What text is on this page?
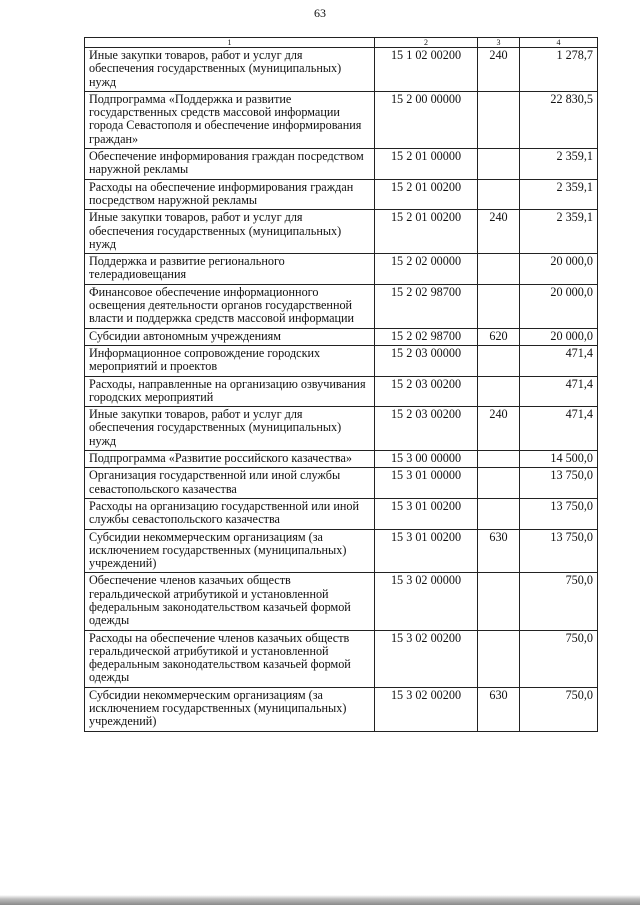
63
1	2	3	4
Иные закупки товаров, работ и услуг для обеспечения государственных (муниципальных) нужд	15 1 02 00200	240	1 278,7
Подпрограмма «Поддержка и развитие государственных средств массовой информации города Севастополя и обеспечение информирования граждан»	15 2 00 00000		22 830,5
Обеспечение информирования граждан посредством наружной рекламы	15 2 01 00000		2 359,1
Расходы на обеспечение информирования граждан посредством наружной рекламы	15 2 01 00200		2 359,1
Иные закупки товаров, работ и услуг для обеспечения государственных (муниципальных) нужд	15 2 01 00200	240	2 359,1
Поддержка и развитие регионального телерадиовещания	15 2 02 00000		20 000,0
Финансовое обеспечение информационного освещения деятельности органов государственной власти и поддержка средств массовой информации	15 2 02 98700		20 000,0
Субсидии автономным учреждениям	15 2 02 98700	620	20 000,0
Информационное сопровождение городских мероприятий и проектов	15 2 03 00000		471,4
Расходы, направленные на организацию озвучивания городских мероприятий	15 2 03 00200		471,4
Иные закупки товаров, работ и услуг для обеспечения государственных (муниципальных) нужд	15 2 03 00200	240	471,4
Подпрограмма «Развитие российского казачества»	15 3 00 00000		14 500,0
Организация государственной или иной службы севастопольского казачества	15 3 01 00000		13 750,0
Расходы на организацию государственной или иной службы севастопольского казачества	15 3 01 00200		13 750,0
Субсидии некоммерческим организациям (за исключением государственных (муниципальных) учреждений)	15 3 01 00200	630	13 750,0
Обеспечение членов казачьих обществ геральдической атрибутикой и установленной федеральным законодательством казачьей формой одежды	15 3 02 00000		750,0
Расходы на обеспечение членов казачьих обществ геральдической атрибутикой и установленной федеральным законодательством казачьей формой одежды	15 3 02 00200		750,0
Субсидии некоммерческим организациям (за исключением государственных (муниципальных) учреждений)	15 3 02 00200	630	750,0
